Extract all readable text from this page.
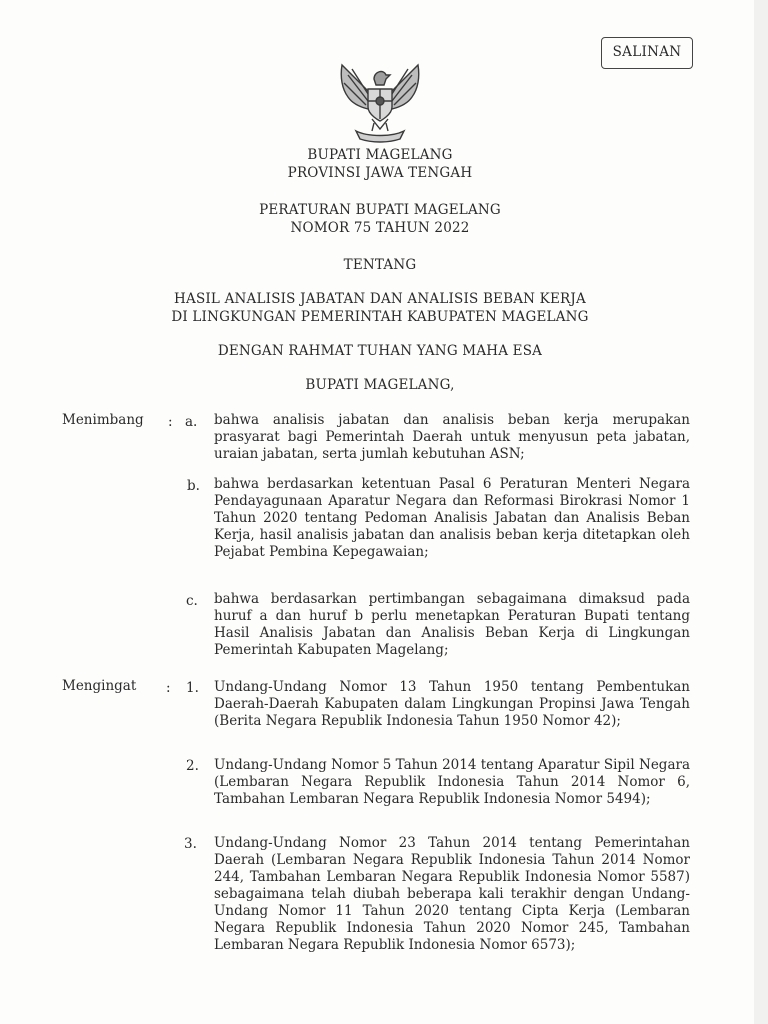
SALINAN
BUPATI MAGELANG
PROVINSI JAWA TENGAH
PERATURAN BUPATI MAGELANG
NOMOR 75 TAHUN 2022
TENTANG
HASIL ANALISIS JABATAN DAN ANALISIS BEBAN KERJA
DI LINGKUNGAN PEMERINTAH KABUPATEN MAGELANG
DENGAN RAHMAT TUHAN YANG MAHA ESA
BUPATI MAGELANG,
Menimbang : a. bahwa analisis jabatan dan analisis beban kerja merupakan prasyarat bagi Pemerintah Daerah untuk menyusun peta jabatan, uraian jabatan, serta jumlah kebutuhan ASN;
b. bahwa berdasarkan ketentuan Pasal 6 Peraturan Menteri Negara Pendayagunaan Aparatur Negara dan Reformasi Birokrasi Nomor 1 Tahun 2020 tentang Pedoman Analisis Jabatan dan Analisis Beban Kerja, hasil analisis jabatan dan analisis beban kerja ditetapkan oleh Pejabat Pembina Kepegawaian;
c. bahwa berdasarkan pertimbangan sebagaimana dimaksud pada huruf a dan huruf b perlu menetapkan Peraturan Bupati tentang Hasil Analisis Jabatan dan Analisis Beban Kerja di Lingkungan Pemerintah Kabupaten Magelang;
Mengingat : 1. Undang-Undang Nomor 13 Tahun 1950 tentang Pembentukan Daerah-Daerah Kabupaten dalam Lingkungan Propinsi Jawa Tengah (Berita Negara Republik Indonesia Tahun 1950 Nomor 42);
2. Undang-Undang Nomor 5 Tahun 2014 tentang Aparatur Sipil Negara (Lembaran Negara Republik Indonesia Tahun 2014 Nomor 6, Tambahan Lembaran Negara Republik Indonesia Nomor 5494);
3. Undang-Undang Nomor 23 Tahun 2014 tentang Pemerintahan Daerah (Lembaran Negara Republik Indonesia Tahun 2014 Nomor 244, Tambahan Lembaran Negara Republik Indonesia Nomor 5587) sebagaimana telah diubah beberapa kali terakhir dengan Undang-Undang Nomor 11 Tahun 2020 tentang Cipta Kerja (Lembaran Negara Republik Indonesia Tahun 2020 Nomor 245, Tambahan Lembaran Negara Republik Indonesia Nomor 6573);
